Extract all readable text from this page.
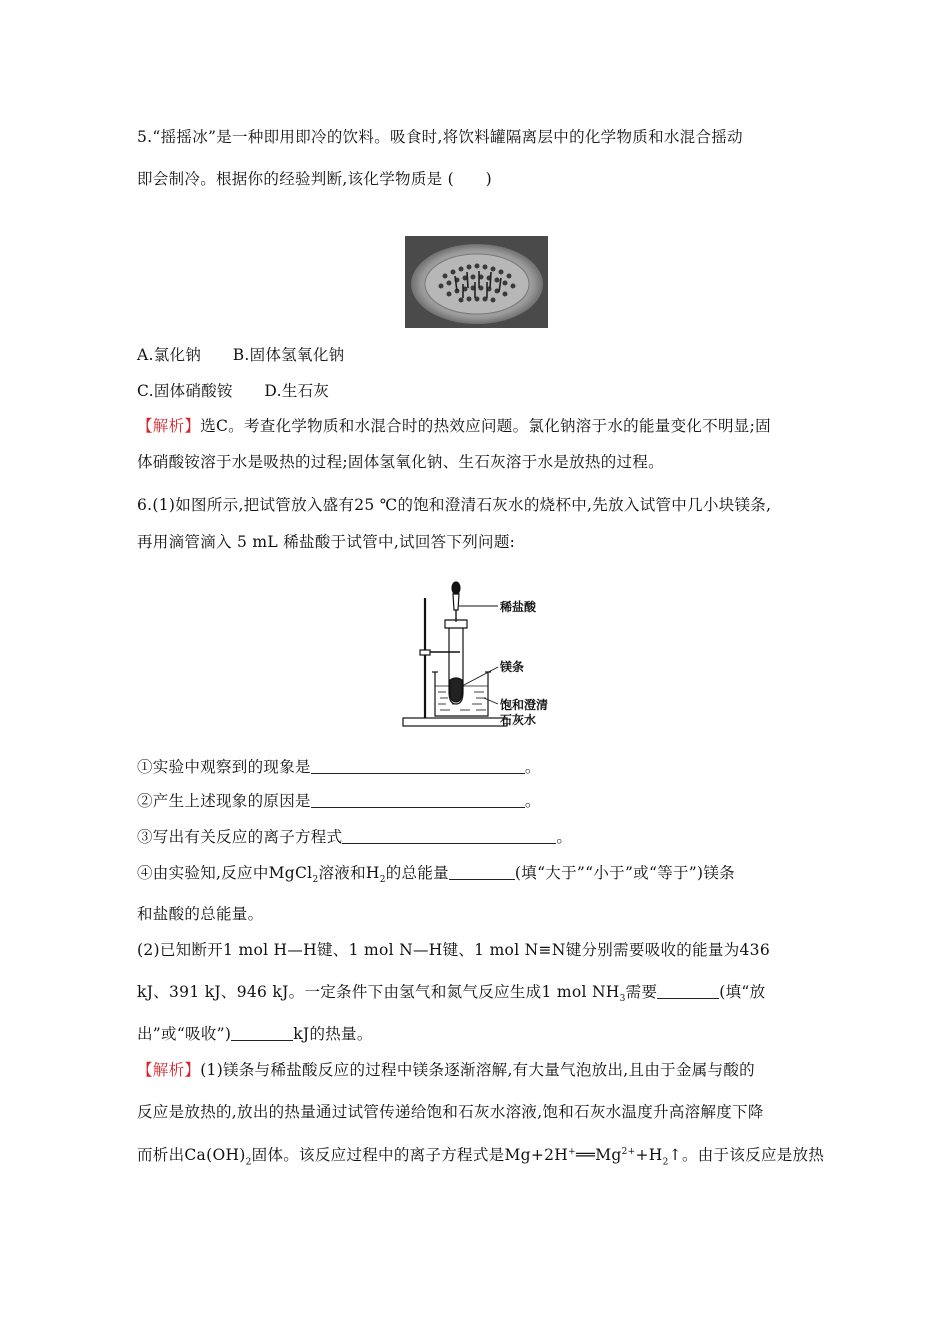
5.“摇摇冰”是一种即用即冷的饮料。吸食时,将饮料罐隔离层中的化学物质和水混合摇动
即会制冷。根据你的经验判断,该化学物质是 (　　)
A.氯化钠　　B.固体氢氧化钠
C.固体硝酸铵　　D.生石灰
【解析】选C。考查化学物质和水混合时的热效应问题。氯化钠溶于水的能量变化不明显;固
体硝酸铵溶于水是吸热的过程;固体氢氧化钠、生石灰溶于水是放热的过程。
6.(1)如图所示,把试管放入盛有25 ℃的饱和澄清石灰水的烧杯中,先放入试管中几小块镁条,
再用滴管滴入 5 mL 稀盐酸于试管中,试回答下列问题:
稀盐酸
镁条
饱和澄清
石灰水
①实验中观察到的现象是	。
②产生上述现象的原因是	。
③写出有关反应的离子方程式	。
④由实验知,反应中MgCl$_2$溶液和$H_2$的总能量	(填“大于”“小于”或“等于”)镁条
和盐酸的总能量。
(2)已知断开1 mol H—H键、1 mol N—H键、1 mol N≡N键分别需要吸收的能量为436
kJ、391 kJ、946 kJ。一定条件下由氢气和氮气反应生成1 mol $NH_3$需要	(填“放
出”或“吸收”)	kJ的热量。
【解析】(1)镁条与稀盐酸反应的过程中镁条逐渐溶解,有大量气泡放出,且由于金属与酸的
反应是放热的,放出的热量通过试管传递给饱和石灰水溶液,饱和石灰水温度升高溶解度下降
而析出$Ca(OH)_2$固体。该反应过程中的离子方程式是$Mg+2H^+══Mg^{2+}+H_2↑$。由于该反应是放热
